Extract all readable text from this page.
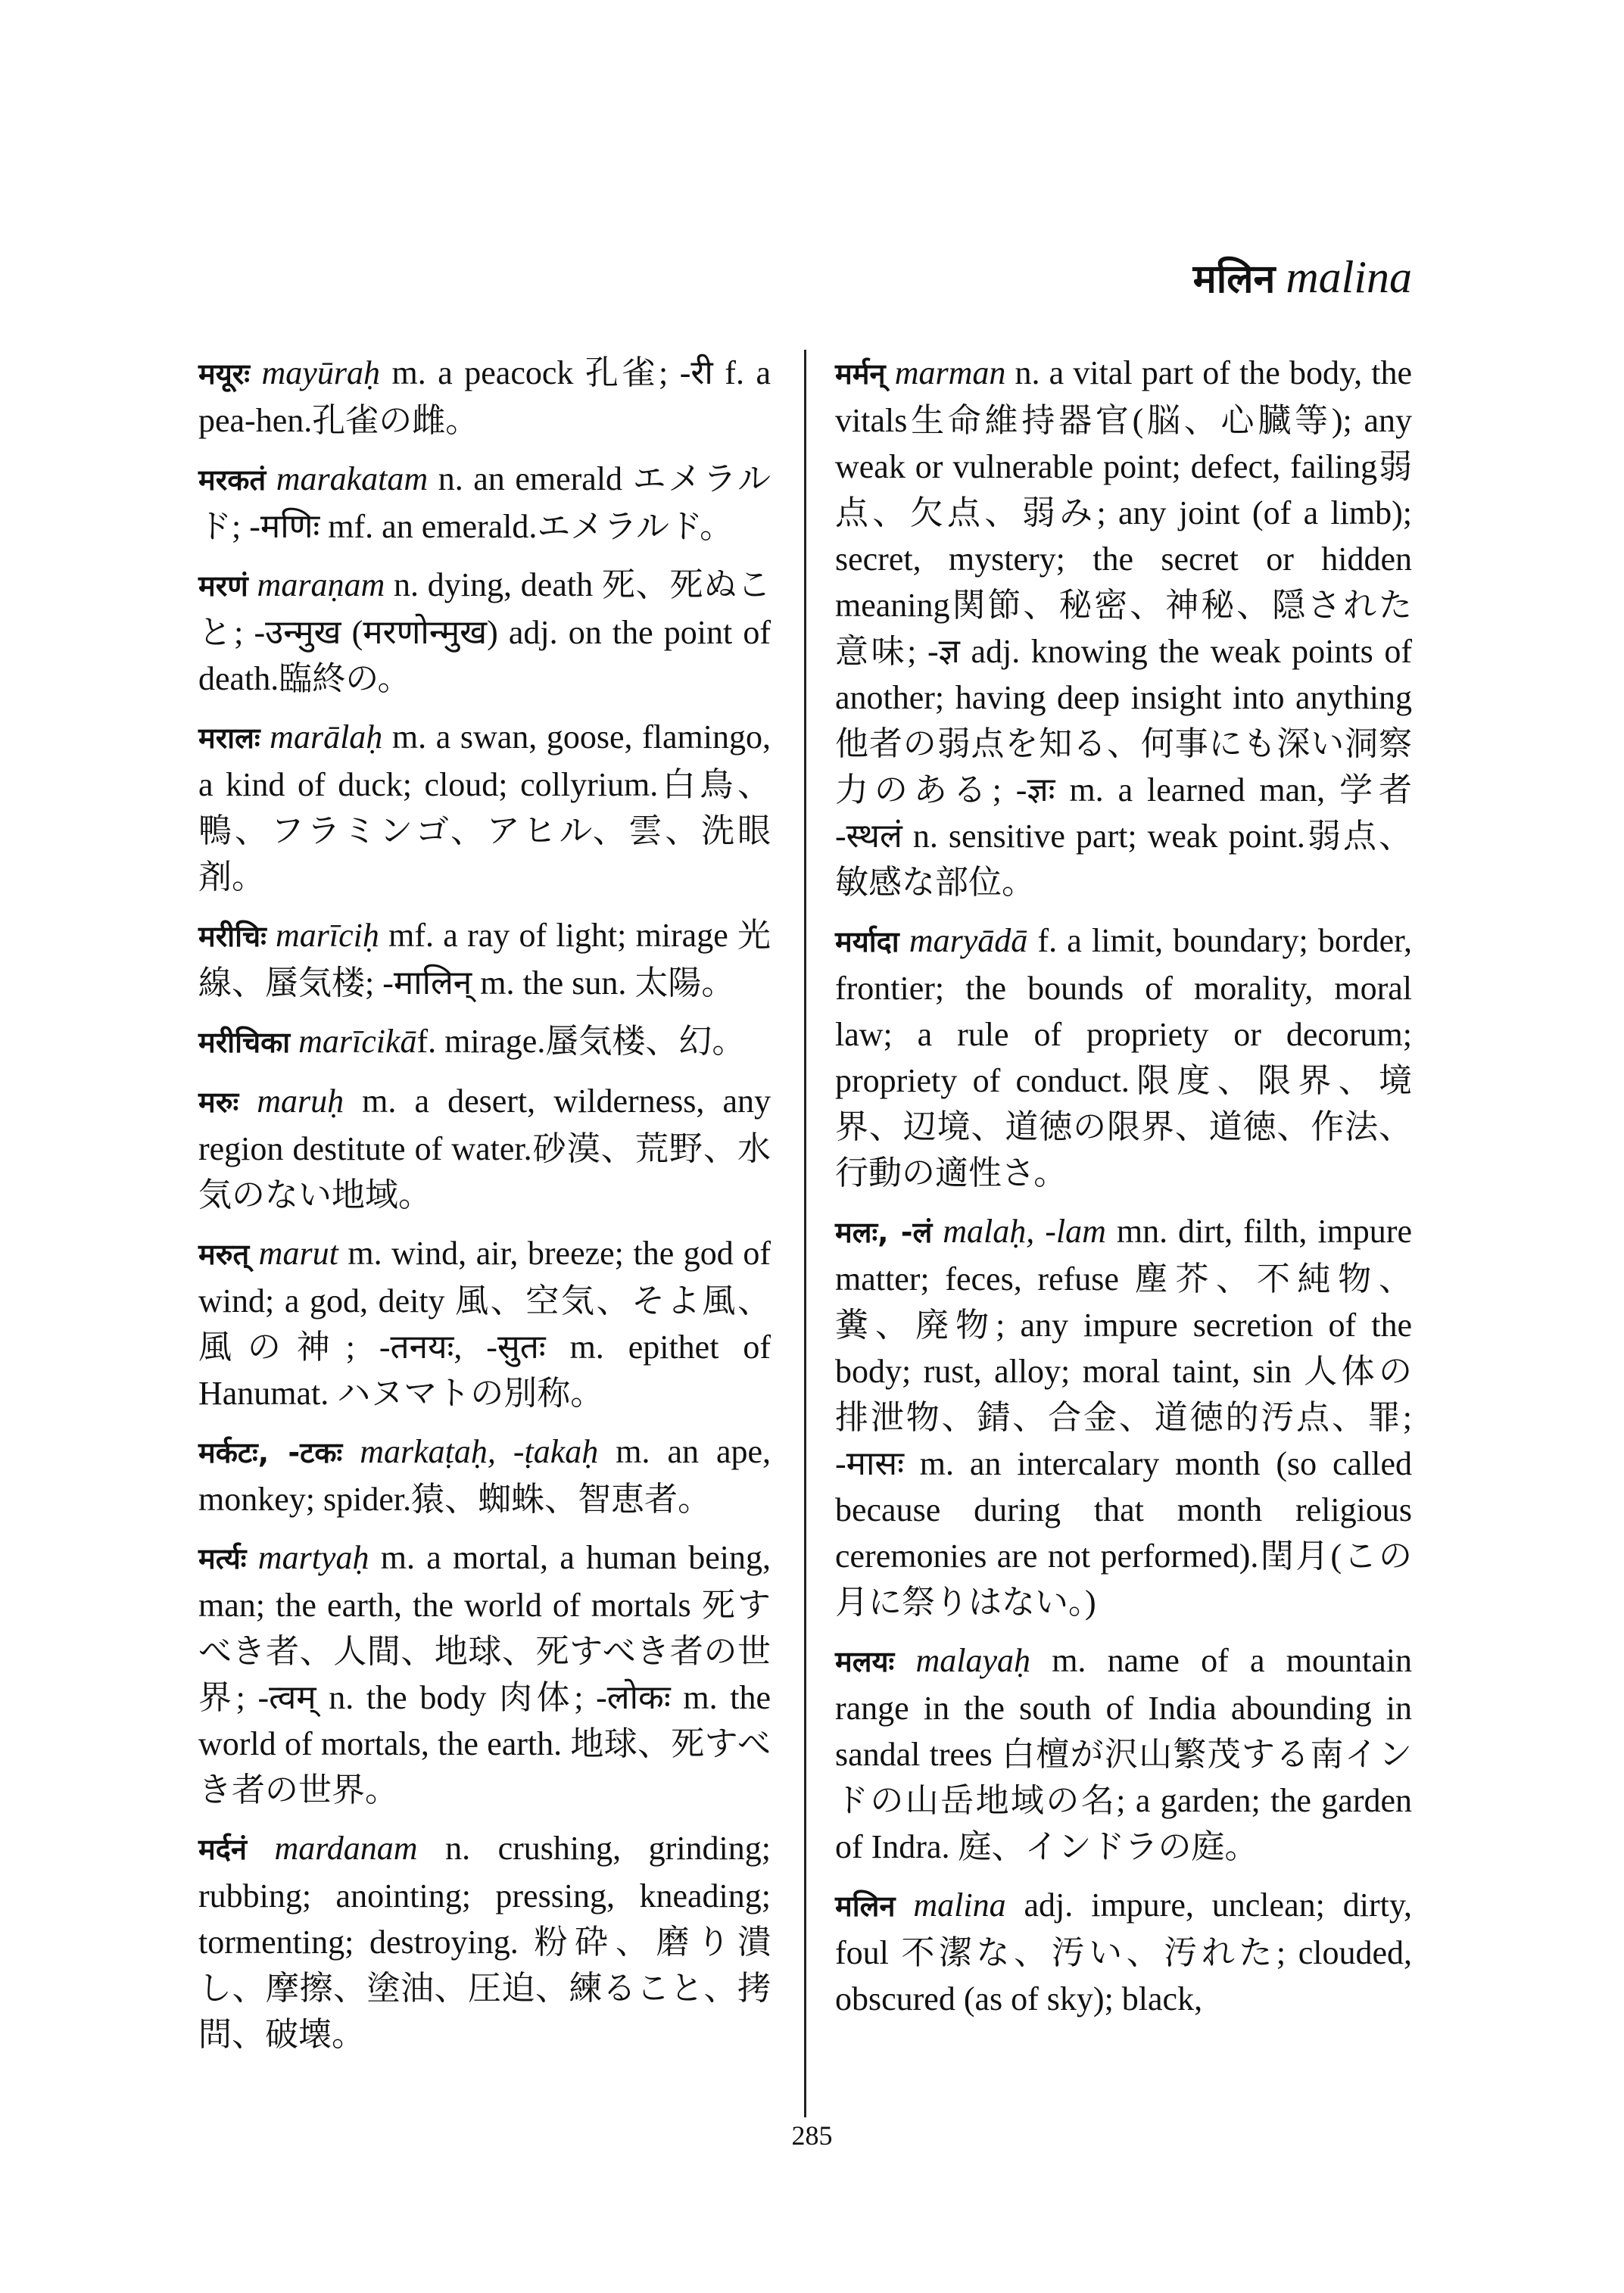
मलिन malina

मयूरः mayūraḥ m. a peacock 孔雀; -री f. a pea-hen.孔雀の雌。

मरकतं marakatam n. an emerald エメラルド; -मणिः mf. an emerald.エメラルド。

मरणं maraṇam n. dying, death 死、死ぬこと; -उन्मुख (मरणोन्मुख) adj. on the point of death.臨終の。

मरालः marālaḥ m. a swan, goose, flamingo, a kind of duck; cloud; collyrium.白鳥、鴨、フラミンゴ、アヒル、雲、洗眼剤。

मरीचिः marīciḥ mf. a ray of light; mirage 光線、蜃気楼; -मालिन् m. the sun. 太陽。

मरीचिका marīcikāf. mirage.蜃気楼、幻。

मरुः maruḥ m. a desert, wilderness, any region destitute of water.砂漠、荒野、水気のない地域。

मरुत् marut m. wind, air, breeze; the god of wind; a god, deity 風、空気、そよ風、風の神; -तनयः, -सुतः m. epithet of Hanumat. ハヌマトの別称。

मर्कटः, -टकः markaṭaḥ, -ṭakaḥ m. an ape, monkey; spider.猿、蜘蛛、智恵者。

मर्त्यः martyaḥ m. a mortal, a human being, man; the earth, the world of mortals 死すべき者、人間、地球、死すべき者の世界; -त्वम् n. the body 肉体; -लोकः m. the world of mortals, the earth. 地球、死すべき者の世界。

मर्दनं mardanam n. crushing, grinding; rubbing; anointing; pressing, kneading; tormenting; destroying. 粉砕、磨り潰し、摩擦、塗油、圧迫、練ること、拷問、破壊。

मर्मन् marman n. a vital part of the body, the vitals生命維持器官(脳、心臓等); any weak or vulnerable point; defect, failing弱点、欠点、弱み; any joint (of a limb); secret, mystery; the secret or hidden meaning関節、秘密、神秘、隠された意味; -ज्ञ adj. knowing the weak points of another; having deep insight into anything他者の弱点を知る、何事にも深い洞察力のある; -ज्ञः m. a learned man, 学者 -स्थलं n. sensitive part; weak point.弱点、敏感な部位。

मर्यादा maryādā f. a limit, boundary; border, frontier; the bounds of morality, moral law; a rule of propriety or decorum; propriety of conduct.限度、限界、境界、辺境、道徳の限界、道徳、作法、行動の適性さ。

मलः, -लं malaḥ, -lam mn. dirt, filth, impure matter; feces, refuse 塵芥、不純物、糞、廃物; any impure secretion of the body; rust, alloy; moral taint, sin 人体の排泄物、錆、合金、道徳的汚点、罪; -मासः m. an intercalary month (so called because during that month religious ceremonies are not performed).閏月(この月に祭りはない。)

मलयः malayaḥ m. name of a mountain range in the south of India abounding in sandal trees 白檀が沢山繁茂する南インドの山岳地域の名; a garden; the garden of Indra. 庭、インドラの庭。

मलिन malina adj. impure, unclean; dirty, foul 不潔な、汚い、汚れた; clouded, obscured (as of sky); black,

285
